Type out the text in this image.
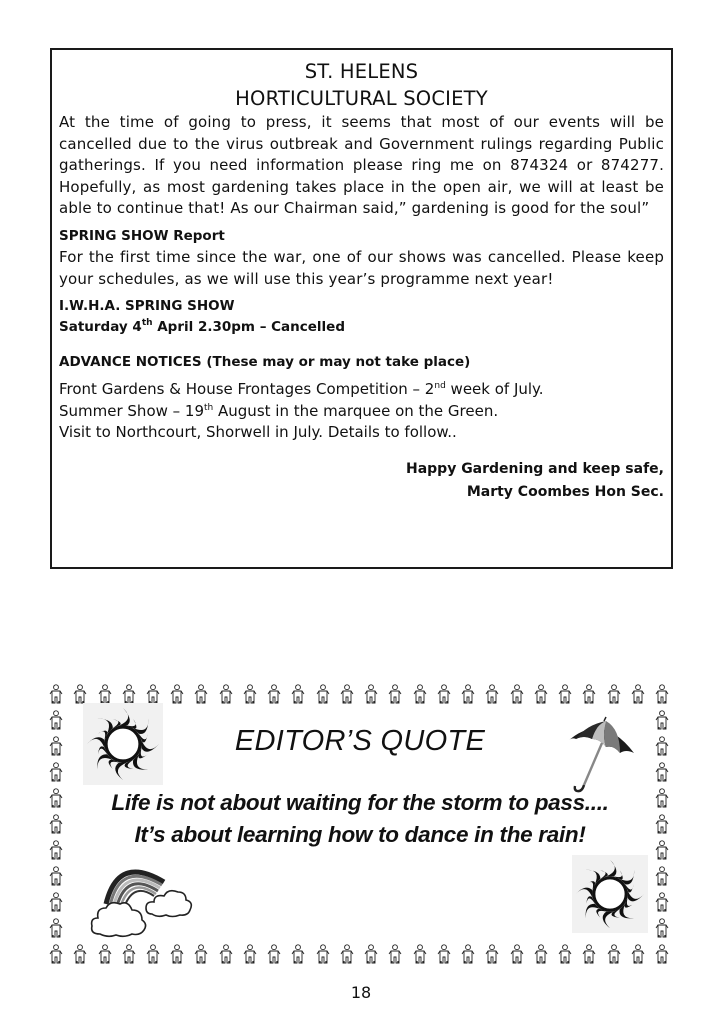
ST. HELENS
HORTICULTURAL SOCIETY

At the time of going to press, it seems that most of our events will be cancelled due to the virus outbreak and Government rulings regarding Public gatherings. If you need information please ring me on 874324 or 874277. Hopefully, as most gardening takes place in the open air, we will at least be able to continue that! As our Chairman said,” gardening is good for the soul”

SPRING SHOW Report

For the first time since the war, one of our shows was cancelled. Please keep your schedules, as we will use this year’s programme next year!

I.W.H.A. SPRING SHOW

Saturday 4th April 2.30pm – Cancelled

ADVANCE NOTICES (These may or may not take place)

Front Gardens & House Frontages Competition – 2nd week of July.

Summer Show – 19th August in the marquee on the Green.

Visit to Northcourt, Shorwell in July. Details to follow..

Happy Gardening and keep safe,

Marty Coombes Hon Sec.

EDITOR’S QUOTE

Life is not about waiting for the storm to pass....

It’s about learning how to dance in the rain!

18
